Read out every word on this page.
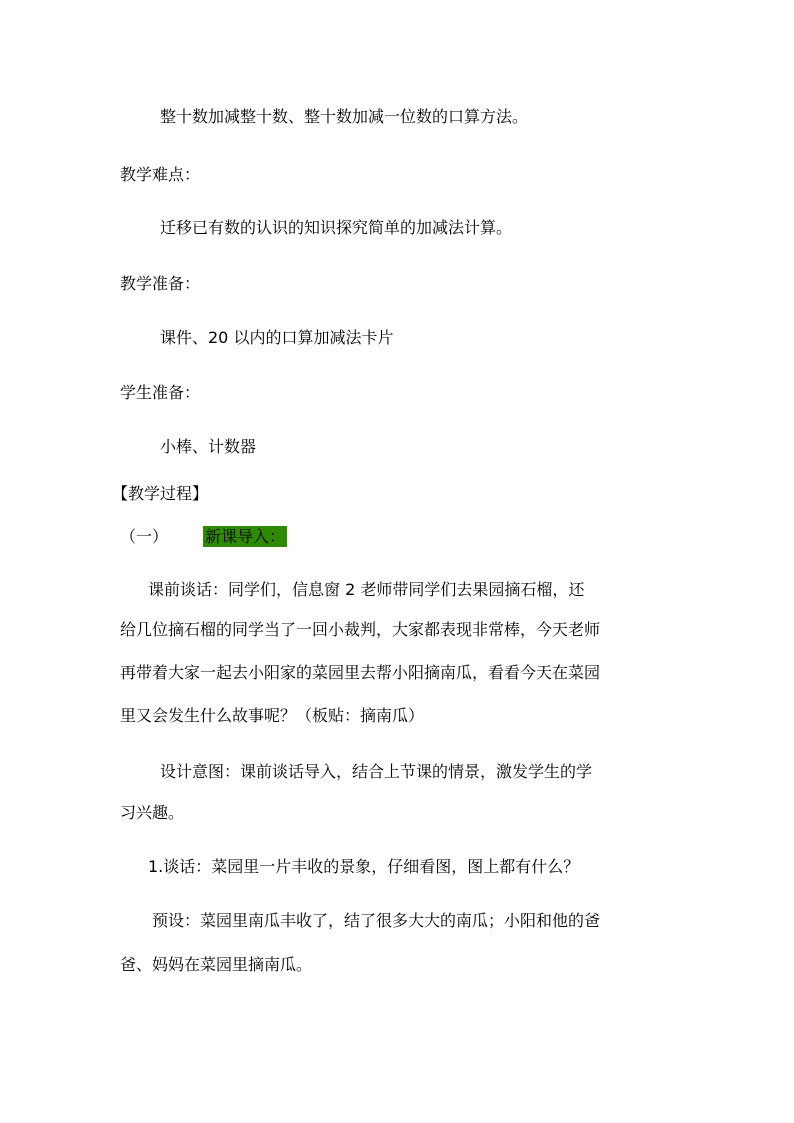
整十数加减整十数、整十数加减一位数的口算方法。
教学难点：
迁移已有数的认识的知识探究简单的加减法计算。
教学准备：
课件、20 以内的口算加减法卡片
学生准备：
小棒、计数器
【教学过程】
（一） 新课导入：
课前谈话：同学们，信息窗 2 老师带同学们去果园摘石榴，还
给几位摘石榴的同学当了一回小裁判，大家都表现非常棒，今天老师
再带着大家一起去小阳家的菜园里去帮小阳摘南瓜，看看今天在菜园
里又会发生什么故事呢？（板贴：摘南瓜）
设计意图：课前谈话导入，结合上节课的情景，激发学生的学
习兴趣。
1.谈话：菜园里一片丰收的景象，仔细看图，图上都有什么？
预设：菜园里南瓜丰收了，结了很多大大的南瓜；小阳和他的爸
爸、妈妈在菜园里摘南瓜。
